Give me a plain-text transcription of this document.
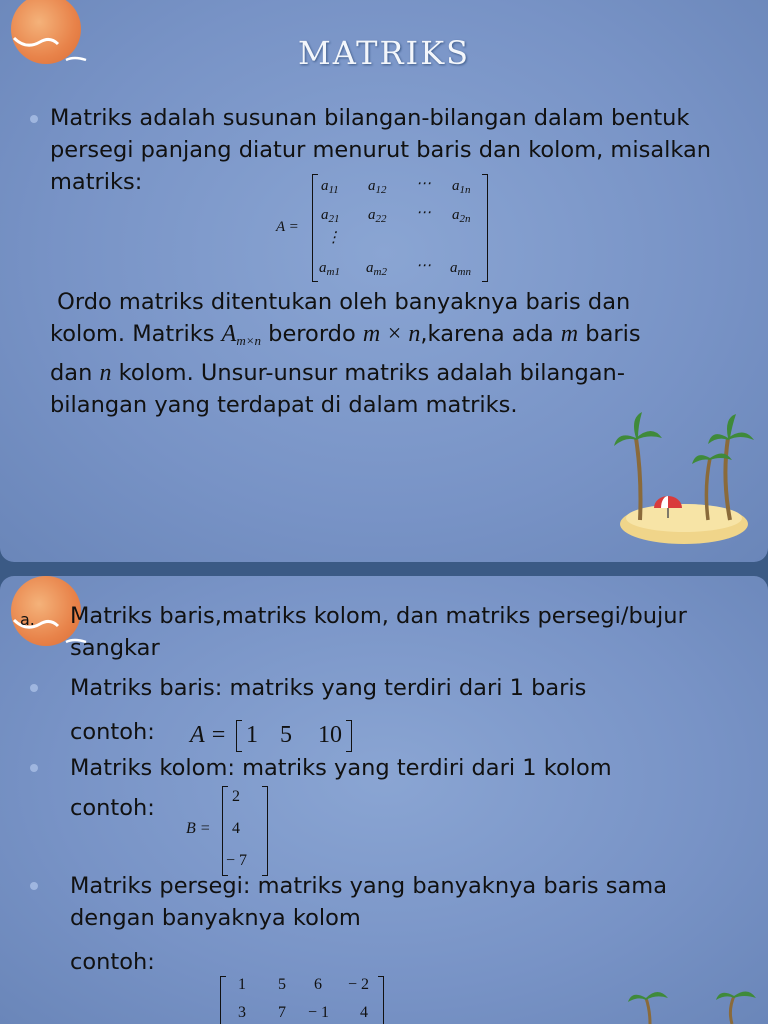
MATRIKS
Matriks adalah susunan bilangan-bilangan dalam bentuk persegi panjang diatur menurut baris dan kolom, misalkan matriks:
A =
$a_{11}$ $a_{12}$ ⋯ $a_{1n}$
$a_{21}$ $a_{22}$ ⋯ $a_{2n}$
⋮
$a_{m1}$ $a_{m2}$ ⋯ $a_{mn}$
Ordo matriks ditentukan oleh banyaknya baris dan
kolom. Matriks $A_{m\times n}$ berordo m × n,karena ada m baris
dan n kolom. Unsur-unsur matriks adalah bilangan-
bilangan yang terdapat di dalam matriks.
a. Matriks baris,matriks kolom, dan matriks persegi/bujur sangkar
Matriks baris: matriks yang terdiri dari 1 baris
contoh: A = 1 5 10
Matriks kolom: matriks yang terdiri dari 1 kolom
contoh:
B =
2
4
− 7
Matriks persegi: matriks yang banyaknya baris sama dengan banyaknya kolom
contoh:
1 5 6 − 2
3 7 − 1 4
